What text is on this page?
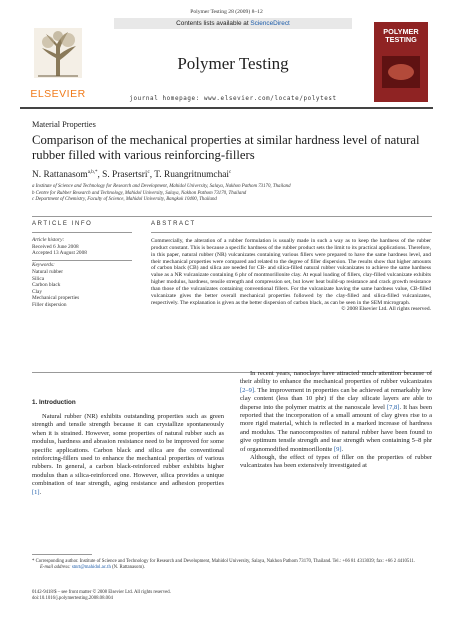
Polymer Testing 28 (2009) 8–12
ELSEVIER
Contents lists available at ScienceDirect
Polymer Testing
journal homepage: www.elsevier.com/locate/polytest
POLYMER
TESTING
Material Properties
Comparison of the mechanical properties at similar hardness level of natural rubber filled with various reinforcing-fillers
N. Rattanasom$^{a,b,*}$, S. Prasertsri$^c$, T. Ruangritnumchai$^c$
a Institute of Science and Technology for Research and Development, Mahidol University, Salaya, Nakhon Pathom 73170, Thailand
b Centre for Rubber Research and Technology, Mahidol University, Salaya, Nakhon Pathom 73170, Thailand
c Department of Chemistry, Faculty of Science, Mahidol University, Bangkok 10400, Thailand
ARTICLE INFO	ABSTRACT
Article history:
Received 6 June 2008
Accepted 13 August 2008
Keywords:
Natural rubber
Silica
Carbon black
Clay
Mechanical properties
Filler dispersion
Commercially, the alteration of a rubber formulation is usually made in such a way as to keep the hardness of the rubber product constant. This is because a specific hardness of the rubber product sets the limit to its practical applications. Therefore, in this paper, natural rubber (NR) vulcanizates containing various fillers were prepared to have the same hardness level, and their mechanical properties were compared and related to the degree of filler dispersion. The results show that higher amounts of carbon black (CB) and silica are needed for CB- and silica-filled natural rubber vulcanizates to achieve the same hardness value as a NR vulcanizate containing 6 phr of montmorillonite clay. At equal loading of fillers, clay-filled vulcanizate exhibits higher modulus, hardness, tensile strength and compression set, but lower heat build-up resistance and crack growth resistance than those of the vulcanizates containing conventional fillers. For the vulcanizate having the same hardness value, CB-filled vulcanizate gives the better overall mechanical properties followed by the clay-filled and silica-filled vulcanizates, respectively. The explanation is given as the better dispersion of carbon black, as can be seen in the SEM micrograph.
© 2008 Elsevier Ltd. All rights reserved.
1. Introduction

Natural rubber (NR) exhibits outstanding properties such as green strength and tensile strength because it can crystallize spontaneously when it is strained. However, some properties of natural rubber such as modulus, hardness and abrasion resistance need to be improved for some specific applications. Carbon black and silica are the conventional reinforcing-fillers used to enhance the mechanical properties of various rubbers. In general, a carbon black-reinforced rubber exhibits higher modulus than a silica-reinforced one. However, silica provides a unique combination of tear strength, aging resistance and adhesion properties [1].

In recent years, nanoclays have attracted much attention because of their ability to enhance the mechanical properties of rubber vulcanizates [2–9]. The improvement in properties can be achieved at remarkably low clay content (less than 10 phr) if the clay silicate layers are able to disperse into the polymer matrix at the nanoscale level [7,8]. It has been reported that the incorporation of a small amount of clay gives rise to a more rigid material, which is reflected in a marked increase of hardness and modulus. The nanocomposites of natural rubber have been found to give optimum tensile strength and tear strength when containing 5–8 phr of organomodified montmorillonite [9].

Although, the effect of types of filler on the properties of rubber vulcanizates has been extensively investigated at

* Corresponding author. Institute of Science and Technology for Research and Development, Mahidol University, Salaya, Nakhon Pathom 73170, Thailand. Tel.: +66 81 4313039; fax: +66 2 4410511.
E-mail address: stnrt@mahidol.ac.th (N. Rattanasom).
0142-9418/$ – see front matter © 2008 Elsevier Ltd. All rights reserved.
doi:10.1016/j.polymertesting.2008.08.004
